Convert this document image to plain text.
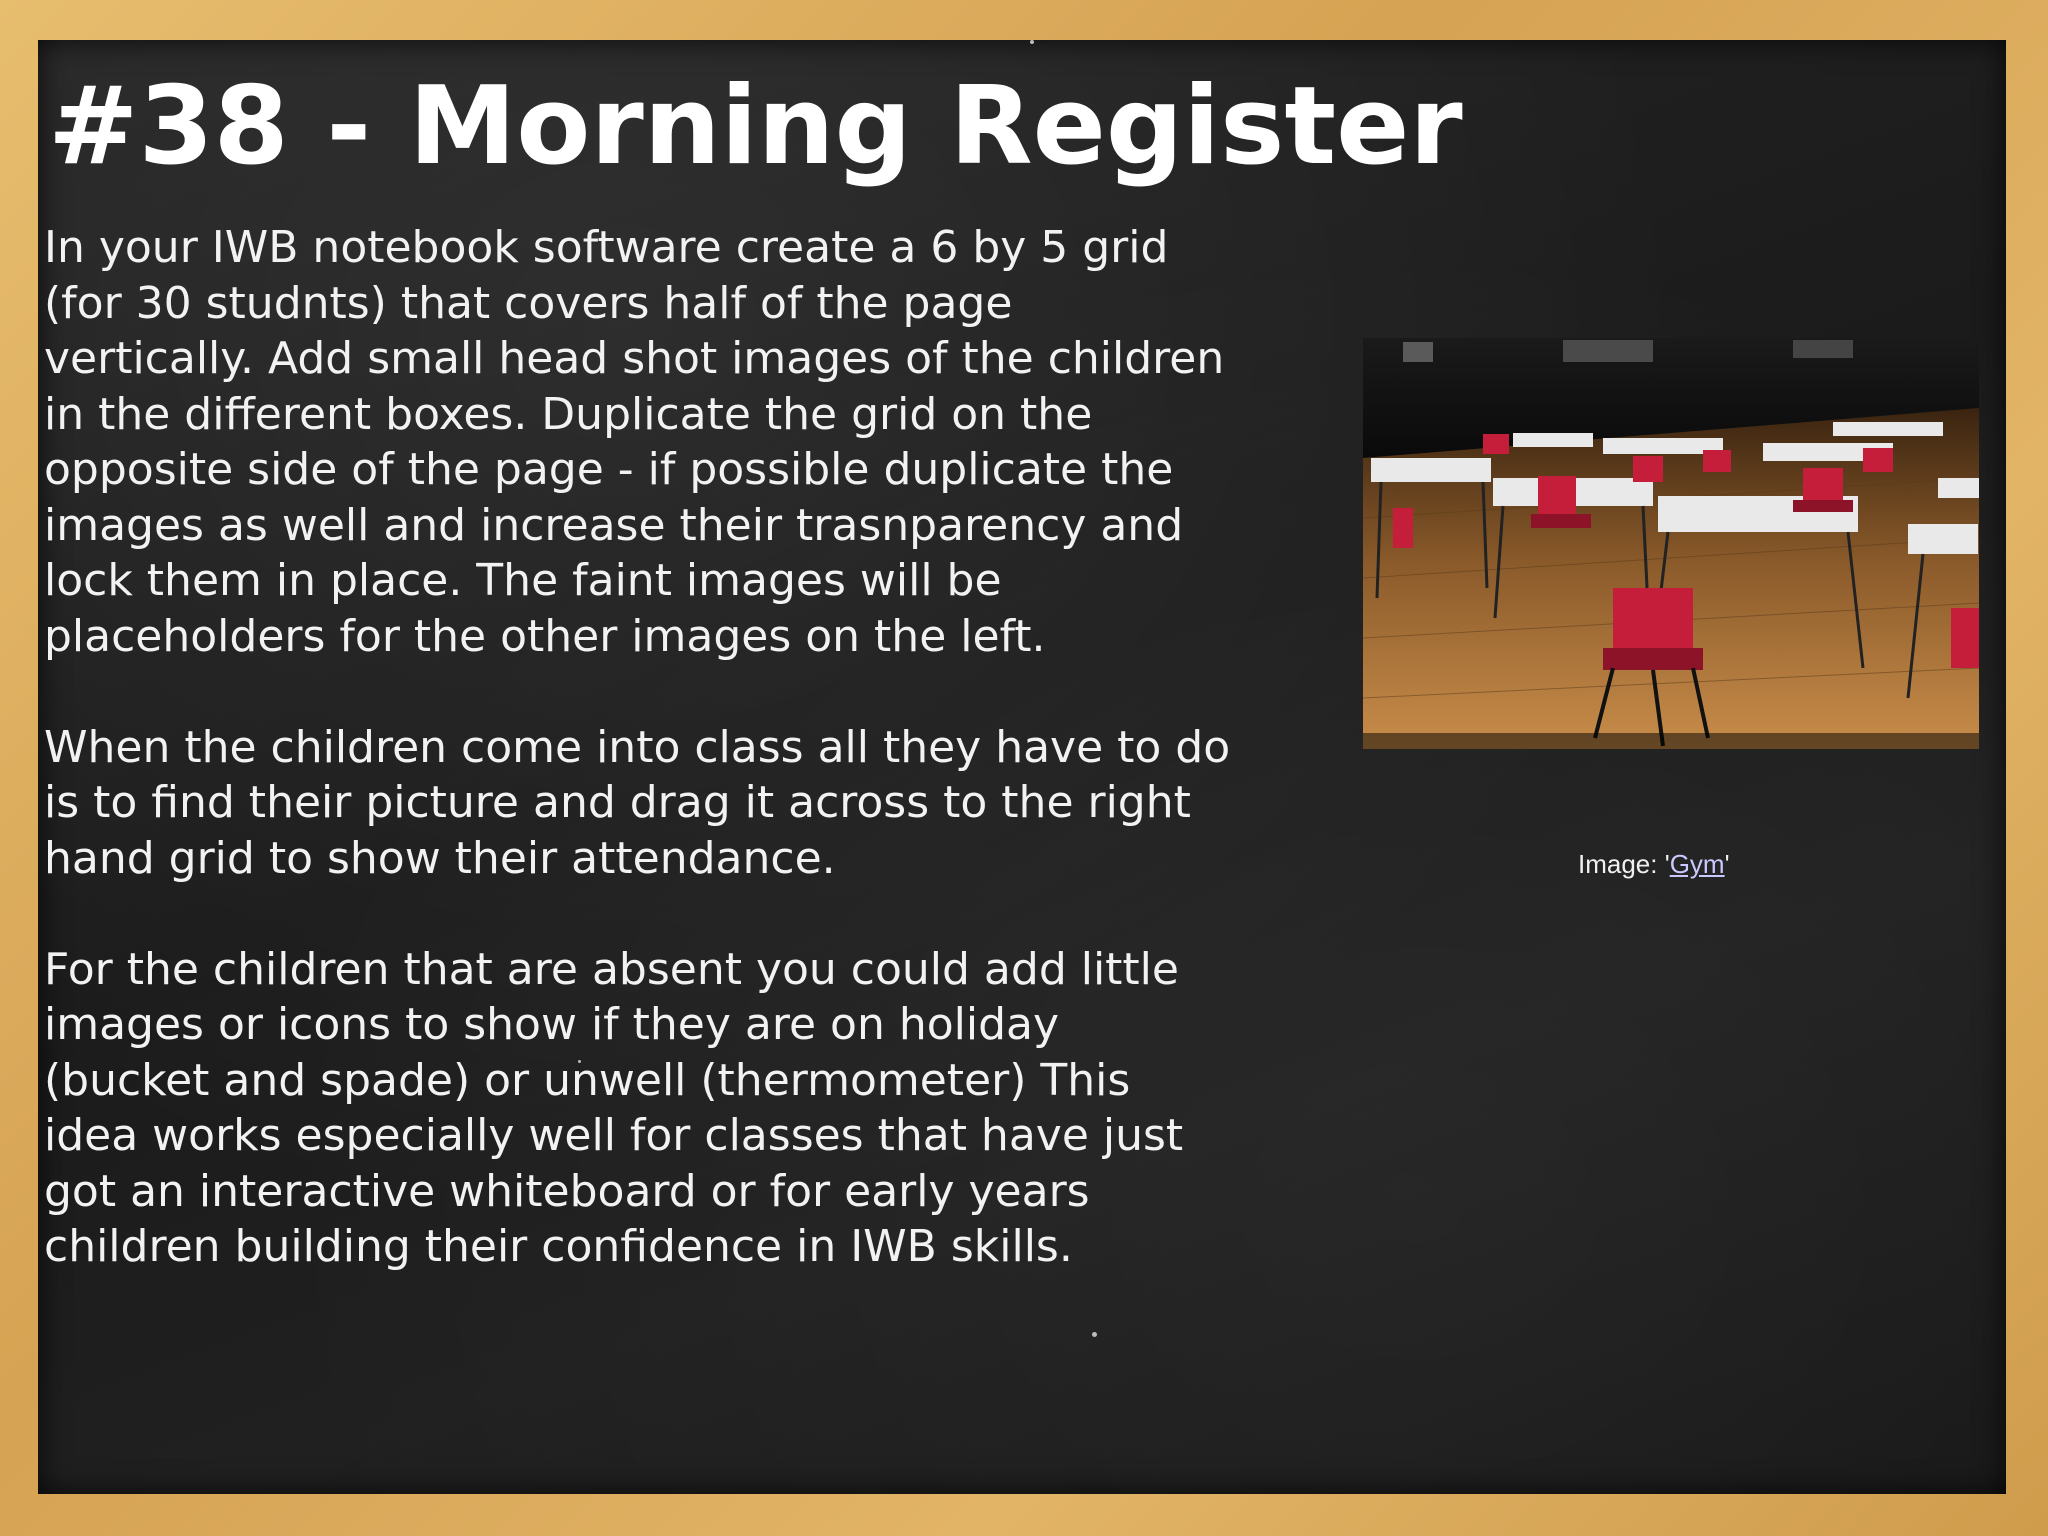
#38 - Morning Register

In your IWB notebook software create a 6 by 5 grid
(for 30 studnts) that covers half of the page
vertically. Add small head shot images of the children
in the different boxes. Duplicate the grid on the
opposite side of the page - if possible duplicate the
images as well and increase their trasnparency and
lock them in place. The faint images will be
placeholders for the other images on the left.

When the children come into class all they have to do
is to find their picture and drag it across to the right
hand grid to show their attendance.

For the children that are absent you could add little
images or icons to show if they are on holiday
(bucket and spade) or unwell (thermometer) This
idea works especially well for classes that have just
got an interactive whiteboard or for early years
children building their confidence in IWB skills.

Image: 'Gym'
